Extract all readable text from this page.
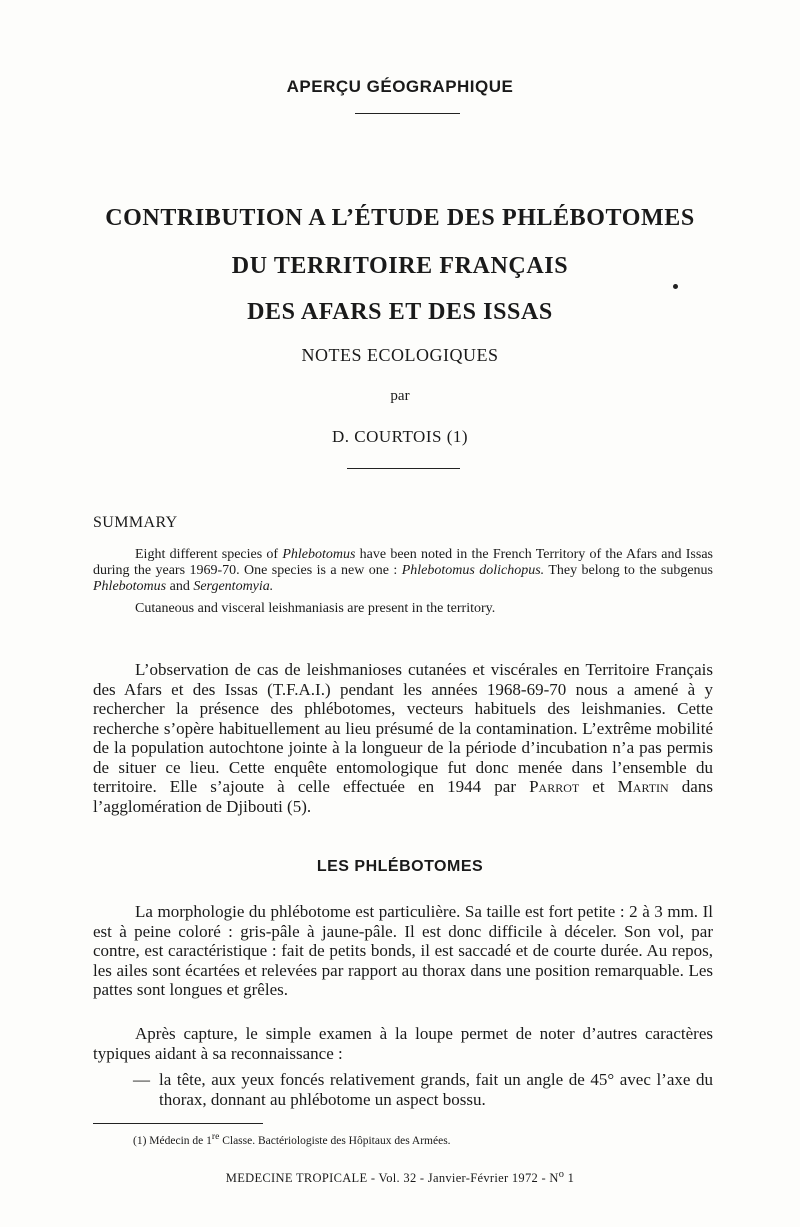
APERÇU GÉOGRAPHIQUE
CONTRIBUTION A L’ÉTUDE DES PHLÉBOTOMES
DU TERRITOIRE FRANÇAIS
DES AFARS ET DES ISSAS
NOTES ECOLOGIQUES
par
D. COURTOIS (1)
SUMMARY

Eight different species of Phlebotomus have been noted in the French Territory of the Afars and Issas during the years 1969-70. One species is a new one : Phlebotomus dolichopus. They belong to the subgenus Phlebotomus and Sergentomyia.

Cutaneous and visceral leishmaniasis are present in the territory.

L’observation de cas de leishmanioses cutanées et viscérales en Territoire Français des Afars et des Issas (T.F.A.I.) pendant les années 1968-69-70 nous a amené à y rechercher la présence des phlébotomes, vecteurs habituels des leishmanies. Cette recherche s’opère habituellement au lieu présumé de la contamination. L’extrême mobilité de la population autochtone jointe à la longueur de la période d’incubation n’a pas permis de situer ce lieu. Cette enquête entomologique fut donc menée dans l’ensemble du territoire. Elle s’ajoute à celle effectuée en 1944 par Parrot et Martin dans l’agglomération de Djibouti (5).

LES PHLÉBOTOMES

La morphologie du phlébotome est particulière. Sa taille est fort petite : 2 à 3 mm. Il est à peine coloré : gris-pâle à jaune-pâle. Il est donc difficile à déceler. Son vol, par contre, est caractéristique : fait de petits bonds, il est saccadé et de courte durée. Au repos, les ailes sont écartées et relevées par rapport au thorax dans une position remarquable. Les pattes sont longues et grêles.

Après capture, le simple examen à la loupe permet de noter d’autres caractères typiques aidant à sa reconnaissance :

— la tête, aux yeux foncés relativement grands, fait un angle de 45° avec l’axe du thorax, donnant au phlébotome un aspect bossu.
(1) Médecin de 1re Classe. Bactériologiste des Hôpitaux des Armées.
MEDECINE TROPICALE - Vol. 32 - Janvier-Février $1972 - N^o$ 1
